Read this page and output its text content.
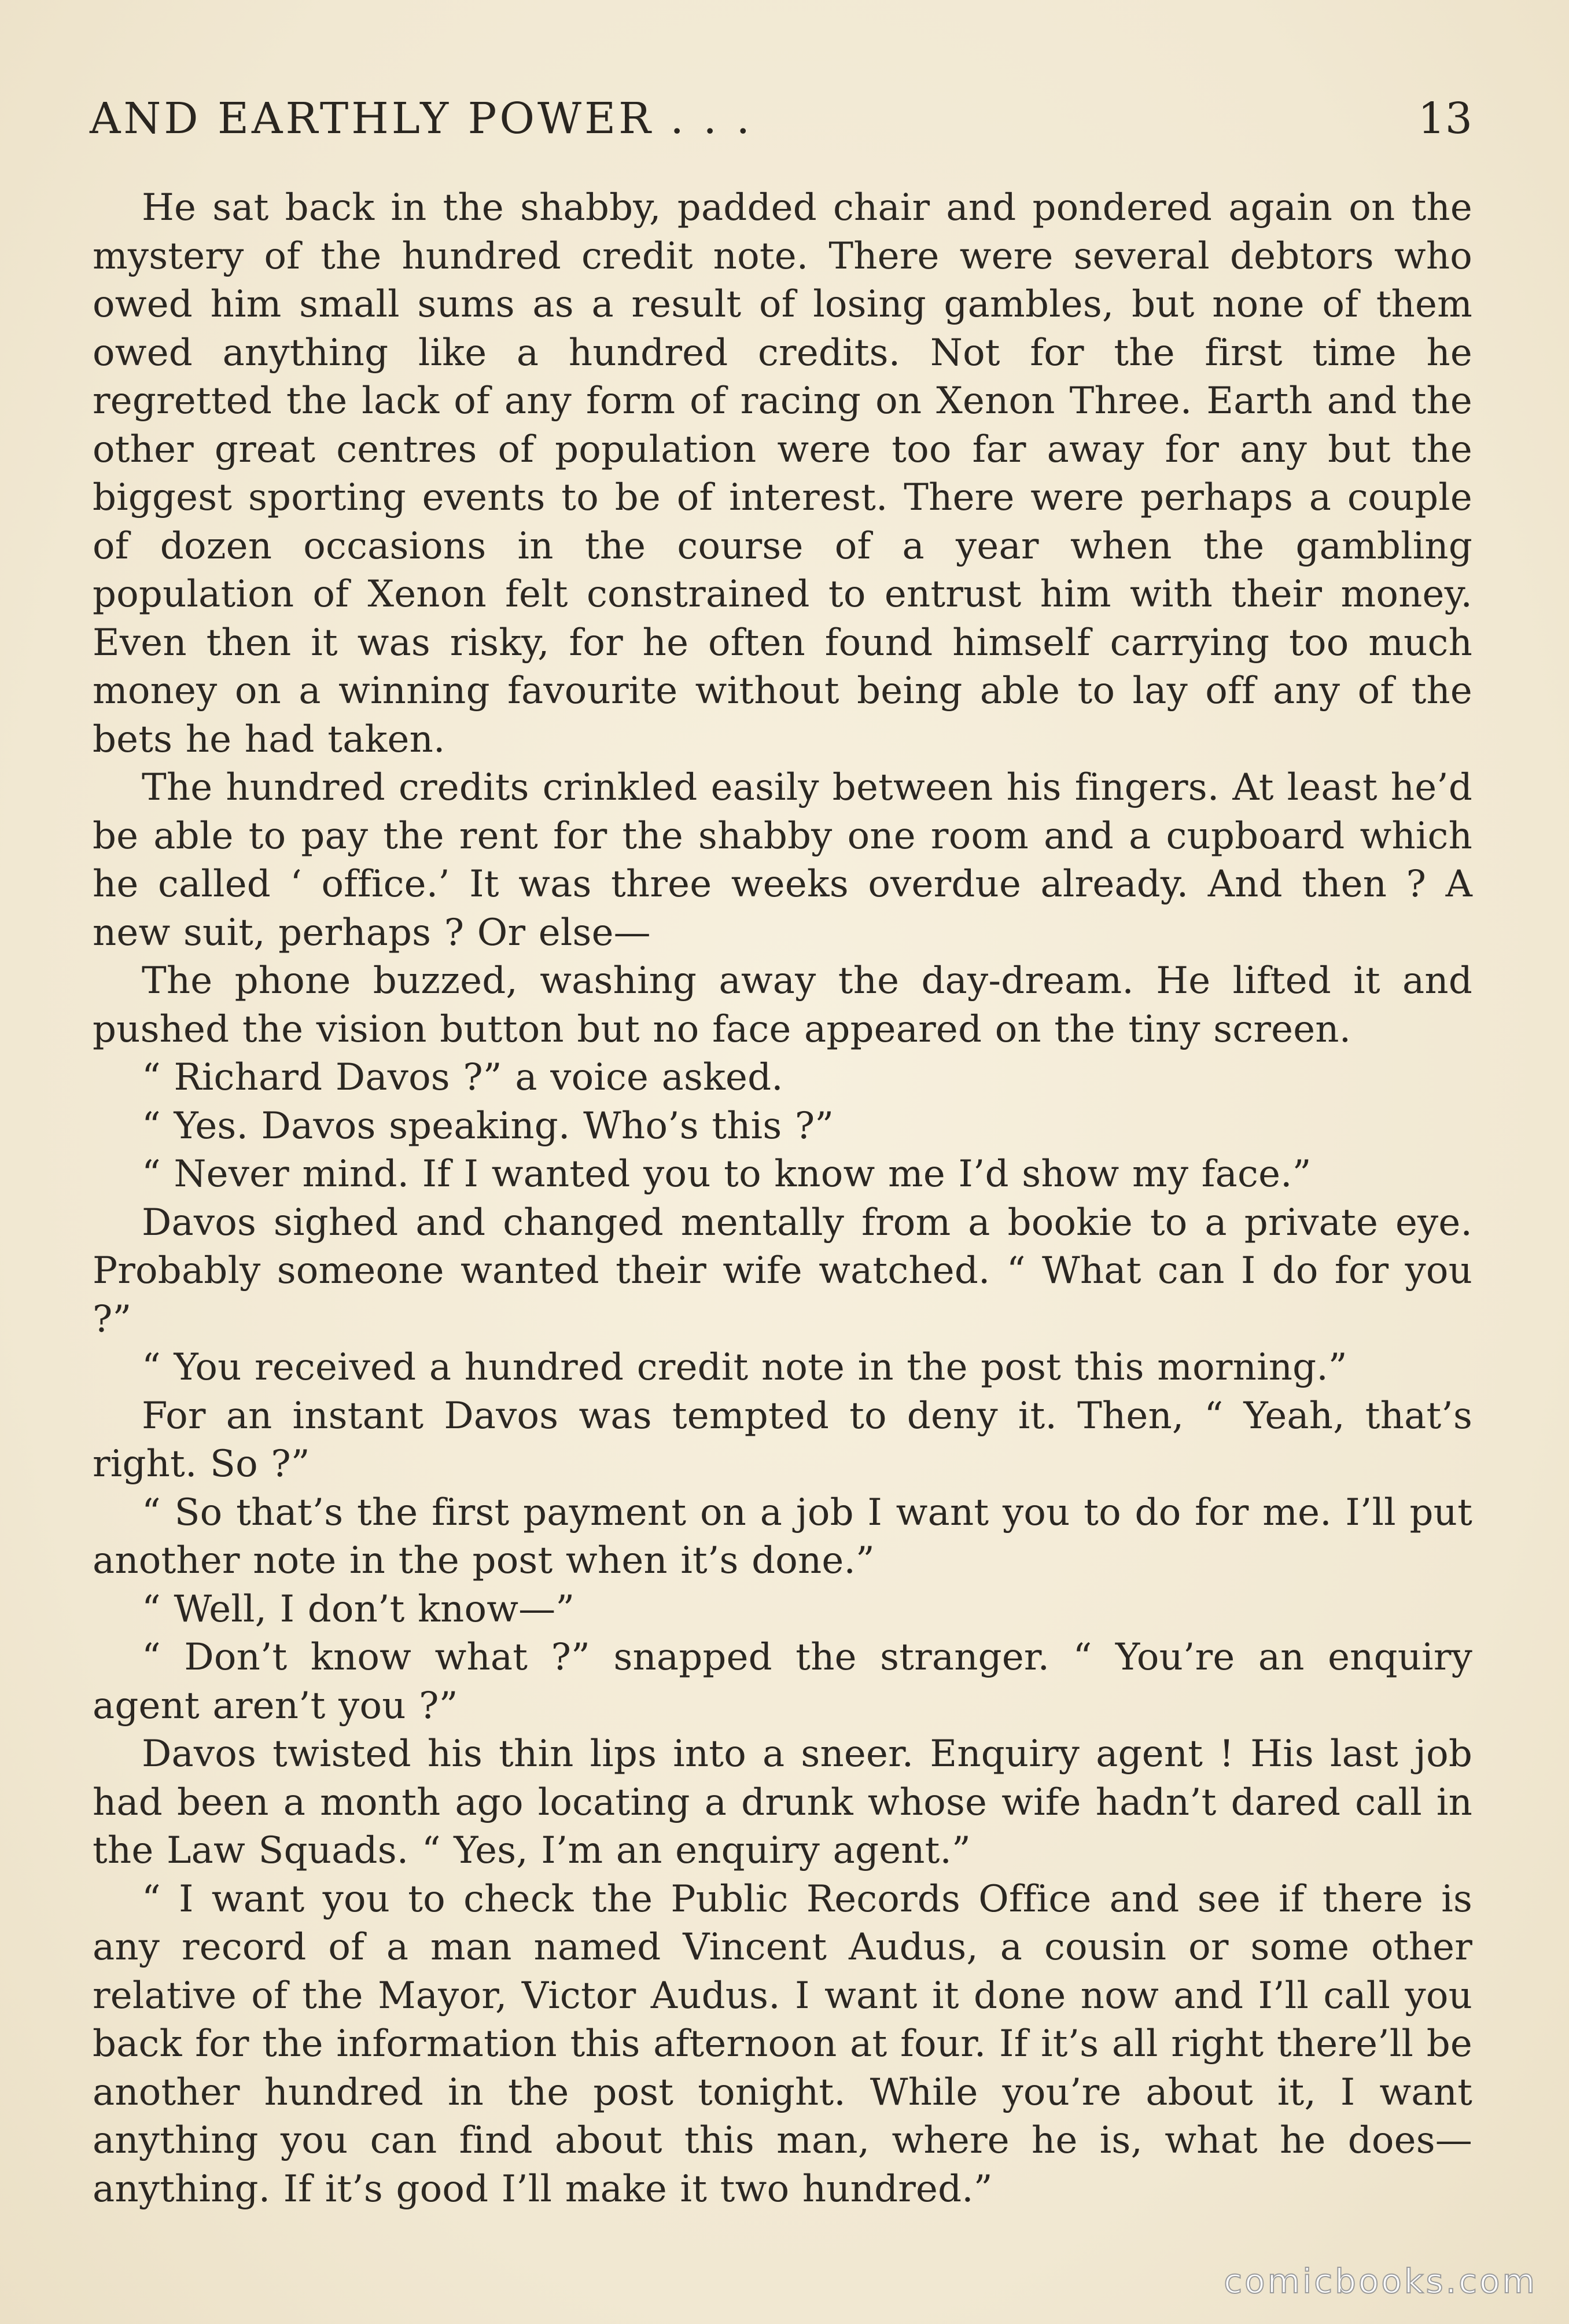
AND EARTHLY POWER . . .	13

He sat back in the shabby, padded chair and pondered again on the mystery of the hundred credit note. There were several debtors who owed him small sums as a result of losing gambles, but none of them owed anything like a hundred credits. Not for the first time he regretted the lack of any form of racing on Xenon Three. Earth and the other great centres of population were too far away for any but the biggest sporting events to be of interest. There were perhaps a couple of dozen occasions in the course of a year when the gambling population of Xenon felt constrained to entrust him with their money. Even then it was risky, for he often found himself carrying too much money on a winning favourite without being able to lay off any of the bets he had taken.

The hundred credits crinkled easily between his fingers. At least he’d be able to pay the rent for the shabby one room and a cupboard which he called ‘ office.’ It was three weeks overdue already. And then ? A new suit, perhaps ? Or else—

The phone buzzed, washing away the day-dream. He lifted it and pushed the vision button but no face appeared on the tiny screen.

“ Richard Davos ?” a voice asked.

“ Yes. Davos speaking. Who’s this ?”

“ Never mind. If I wanted you to know me I’d show my face.”

Davos sighed and changed mentally from a bookie to a private eye. Probably someone wanted their wife watched. “ What can I do for you ?”

“ You received a hundred credit note in the post this morning.”

For an instant Davos was tempted to deny it. Then, “ Yeah, that’s right. So ?”

“ So that’s the first payment on a job I want you to do for me. I’ll put another note in the post when it’s done.”

“ Well, I don’t know—”

“ Don’t know what ?” snapped the stranger. “ You’re an enquiry agent aren’t you ?”

Davos twisted his thin lips into a sneer. Enquiry agent ! His last job had been a month ago locating a drunk whose wife hadn’t dared call in the Law Squads. “ Yes, I’m an enquiry agent.”

“ I want you to check the Public Records Office and see if there is any record of a man named Vincent Audus, a cousin or some other relative of the Mayor, Victor Audus. I want it done now and I’ll call you back for the information this afternoon at four. If it’s all right there’ll be another hundred in the post tonight. While you’re about it, I want anything you can find about this man, where he is, what he does—anything. If it’s good I’ll make it two hundred.”

comicbooks.com
